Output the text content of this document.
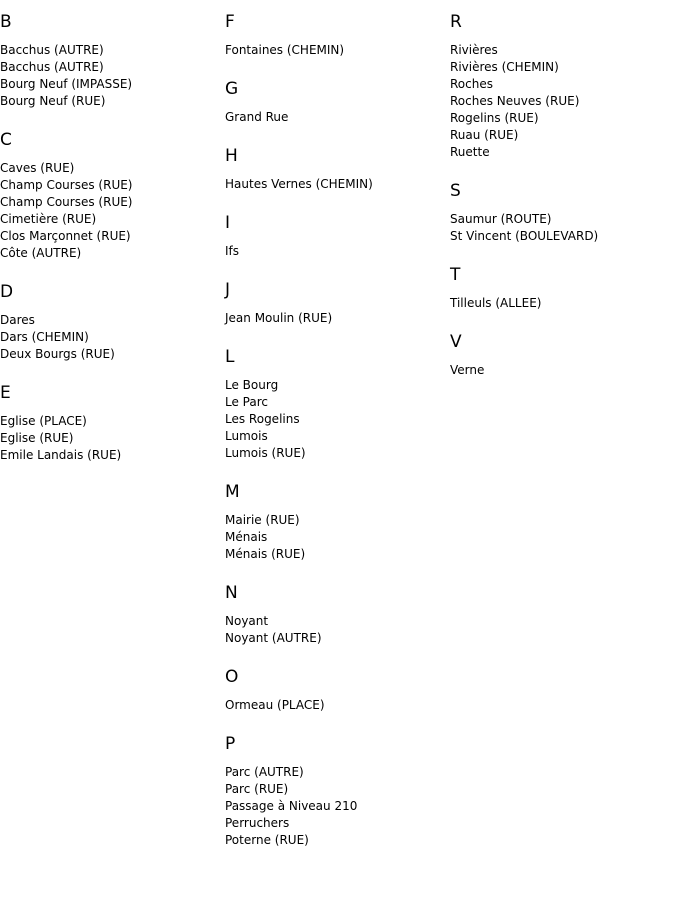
B
Bacchus (AUTRE)
Bacchus (AUTRE)
Bourg Neuf (IMPASSE)
Bourg Neuf (RUE)
C
Caves (RUE)
Champ Courses (RUE)
Champ Courses (RUE)
Cimetière (RUE)
Clos Marçonnet (RUE)
Côte (AUTRE)
D
Dares
Dars (CHEMIN)
Deux Bourgs (RUE)
E
Eglise (PLACE)
Eglise (RUE)
Emile Landais (RUE)
F
Fontaines (CHEMIN)
G
Grand Rue
H
Hautes Vernes (CHEMIN)
I
Ifs
J
Jean Moulin (RUE)
L
Le Bourg
Le Parc
Les Rogelins
Lumois
Lumois (RUE)
M
Mairie (RUE)
Ménais
Ménais (RUE)
N
Noyant
Noyant (AUTRE)
O
Ormeau (PLACE)
P
Parc (AUTRE)
Parc (RUE)
Passage à Niveau 210
Perruchers
Poterne (RUE)
R
Rivières
Rivières (CHEMIN)
Roches
Roches Neuves (RUE)
Rogelins (RUE)
Ruau (RUE)
Ruette
S
Saumur (ROUTE)
St Vincent (BOULEVARD)
T
Tilleuls (ALLEE)
V
Verne
